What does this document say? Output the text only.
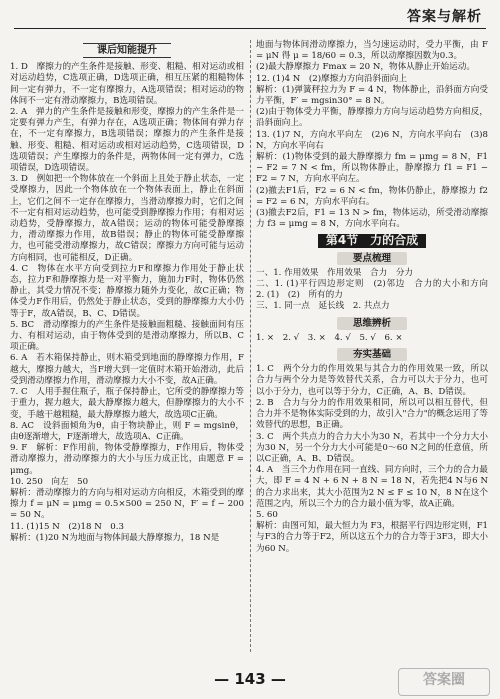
答案与解析
课后知能提升

1. D　摩擦力的产生条件是接触、形变、粗糙、相对运动或相对运动趋势，C选项正确，D选项正确，相互压紧的粗糙物体间一定有弹力，不一定有摩擦力，A选项错误；相对运动的物体间不一定有滑动摩擦力，B选项错误。

2. A　弹力的产生条件是接触和形变，摩擦力的产生条件是一定要有弹力产生，有弹力存在，A选项正确；物体间有弹力存在，不一定有摩擦力，B选项错误；摩擦力的产生条件是接触、形变、粗糙、相对运动或相对运动趋势，C选项错误，D选项错误；产生摩擦力的条件是，两物体间一定有弹力，C选项错误，D选项错误。

3. D　例如把一个物体放在一个斜面上且处于静止状态，一定受摩擦力，因此一个物体放在一个物体表面上，静止在斜面上，它们之间不一定存在摩擦力，当滑动摩擦力时，它们之间不一定有相对运动趋势，也可能受到静摩擦力作用；有相对运动趋势，受静摩擦力，故A错误；运动的物体可能受静摩擦力，滑动摩擦力作用，故B错误；静止的物体可能受静摩擦力，也可能受滑动摩擦力，故C错误；摩擦力方向可能与运动方向相同，也可能相反，D正确。

4. C　物体在水平方向受到拉力F和摩擦力作用处于静止状态，拉力F和静摩擦力是一对平衡力，施加力F时，物体仍然静止，其受力情况不变；静摩擦力随外力变化，故C正确；物体受力F作用后，仍然处于静止状态，受到的静摩擦力大小仍等于F，故A错误，B、C、D错误。

5. BC　滑动摩擦力的产生条件是接触面粗糙、接触面间有压力、有相对运动，由于物体受到的是滑动摩擦力，所以B、C项正确。

6. A　若木箱保持静止，则木箱受到地面的静摩擦力作用，F越大，摩擦力越大，当F增大到一定值时木箱开始滑动，此后受到滑动摩擦力作用，滑动摩擦力大小不变，故A正确。

7. C　人用手握住瓶子，瓶子保持静止，它所受的静摩擦力等于重力，握力越大，最大静摩擦力越大，但静摩擦力的大小不变，手越干越粗糙，最大静摩擦力越大，故选项C正确。

8. AC　设斜面倾角为θ，由于物块静止，则 F = mgsinθ，由θ逐渐增大，F逐渐增大，故选项A、C正确。

9. F　解析：F作用前，物体受静摩擦力，F作用后，物体受滑动摩擦力，滑动摩擦力的大小与压力成正比，由题意 F = μmg。

10. 250　向左　50

解析：滑动摩擦力的方向与相对运动方向相反，木箱受到的摩擦力 f = μN = μmg = 0.5×500 = 250 N，F′ = f − 200 = 50 N。

11. (1)15 N　(2)18 N　0.3

解析：(1)20 N为地面与物体间最大静摩擦力，18 N是

地面与物体间滑动摩擦力，当匀速运动时，受力平衡，由 F = μN 得 μ = 18/60 = 0.3，所以动摩擦因数为0.3。

(2)最大静摩擦力 Fmax = 20 N，物体从静止开始运动。

12. (1)4 N　(2)摩擦力方向沿斜面向上

解析：(1)弹簧秤拉力为 F = 4 N，物体静止，沿斜面方向受力平衡，F′ = mgsin30° = 8 N。

(2)由于物体受力平衡，静摩擦力方向与运动趋势方向相反，沿斜面向上。

13. (1)7 N，方向水平向左　(2)6 N，方向水平向右　(3)8 N，方向水平向右

解析：(1)物体受到的最大静摩擦力 fm = μmg = 8 N，F1 − F2 = 7 N < fm，所以物体静止，静摩擦力 f1 = F1 − F2 = 7 N，方向水平向左。

(2)撤去F1后，F2 = 6 N < fm，物体仍静止，静摩擦力 f2 = F2 = 6 N，方向水平向右。

(3)撤去F2后，F1 = 13 N > fm，物体运动，所受滑动摩擦力 f3 = μmg = 8 N，方向水平向右。

第4节　力的合成
要点梳理

一、1. 作用效果　作用效果　合力　分力

二、1. (1)平行四边形定则　(2)邻边　合力的大小和方向　2. (1)　(2)　所有的力

三、1. 同一点　延长线　2. 共点力

思维辨析

1. ×　2. √　3. ×　4. √　5. √　6. ×

夯实基础

1. C　两个分力的作用效果与其合力的作用效果一致，所以合力与两个分力是等效替代关系，合力可以大于分力，也可以小于分力，也可以等于分力，C正确，A、B、D错误。

2. B　合力与分力的作用效果相同，所以可以相互替代，但合力并不是物体实际受到的力，故引入"合力"的概念运用了等效替代的思想，B正确。

3. C　两个共点力的合力大小为30 N，若其中一个分力大小为30 N，另一个分力大小可能是0～60 N之间的任意值，所以C正确，A、B、D错误。

4. A　当三个力作用在同一直线、同方向时，三个力的合力最大，即 F = 4 N + 6 N + 8 N = 18 N，若先把4 N与6 N的合力求出来，其大小范围为2 N ≤ F ≤ 10 N，8 N在这个范围之内，所以三个力的合力最小值为零，故A正确。

5. 60

解析：由图可知，最大恒力为 F3，根据平行四边形定则，F1与F3的合力等于F2，所以这五个力的合力等于3F3，即大小为60 N。

— 143 —	答案圈
